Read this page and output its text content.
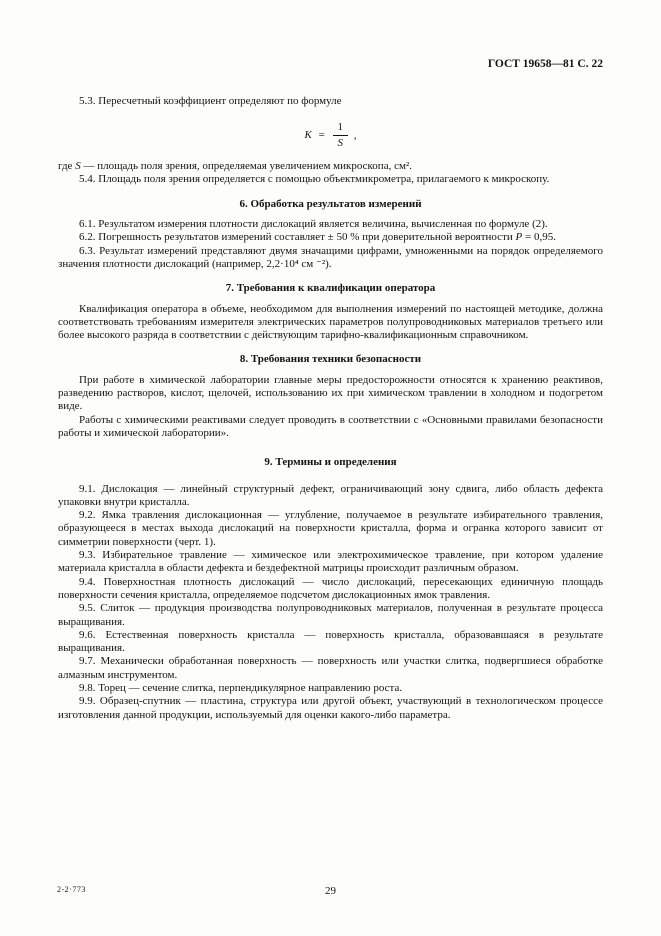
ГОСТ 19658—81 С. 22

5.3. Пересчетный коэффициент определяют по формуле

$K = \frac{1}{S}$ ,

где S — площадь поля зрения, определяемая увеличением микроскопа, см².

5.4. Площадь поля зрения определяется с помощью объектмикрометра, прилагаемого к микроскопу.

6. Обработка результатов измерений

6.1. Результатом измерения плотности дислокаций является величина, вычисленная по формуле (2).

6.2. Погрешность результатов измерений составляет ± 50 % при доверительной вероятности Р = 0,95.

6.3. Результат измерений представляют двумя значащими цифрами, умноженными на порядок определяемого значения плотности дислокаций (например, 2,2·10⁴ см ⁻²).

7. Требования к квалификации оператора

Квалификация оператора в объеме, необходимом для выполнения измерений по настоящей методике, должна соответствовать требованиям измерителя электрических параметров полупроводниковых материалов третьего или более высокого разряда в соответствии с действующим тарифно-квалификационным справочником.

8. Требования техники безопасности

При работе в химической лаборатории главные меры предосторожности относятся к хранению реактивов, разведению растворов, кислот, щелочей, использованию их при химическом травлении в холодном и подогретом виде.

Работы с химическими реактивами следует проводить в соответствии с «Основными правилами безопасности работы и химической лаборатории».

9. Термины и определения

9.1. Дислокация — линейный структурный дефект, ограничивающий зону сдвига, либо область дефекта упаковки внутри кристалла.

9.2. Ямка травления дислокационная — углубление, получаемое в результате избирательного травления, образующееся в местах выхода дислокаций на поверхности кристалла, форма и огранка которого зависит от симметрии поверхности (черт. 1).

9.3. Избирательное травление — химическое или электрохимическое травление, при котором удаление материала кристалла в области дефекта и бездефектной матрицы происходит различным образом.

9.4. Поверхностная плотность дислокаций — число дислокаций, пересекающих единичную площадь поверхности сечения кристалла, определяемое подсчетом дислокационных ямок травления.

9.5. Слиток — продукция производства полупроводниковых материалов, полученная в результате процесса выращивания.

9.6. Естественная поверхность кристалла — поверхность кристалла, образовавшаяся в результате выращивания.

9.7. Механически обработанная поверхность — поверхность или участки слитка, подвергшиеся обработке алмазным инструментом.

9.8. Торец — сечение слитка, перпендикулярное направлению роста.

9.9. Образец-спутник — пластина, структура или другой объект, участвующий в технологическом процессе изготовления данной продукции, используемый для оценки какого-либо параметра.

2-2·773	29
